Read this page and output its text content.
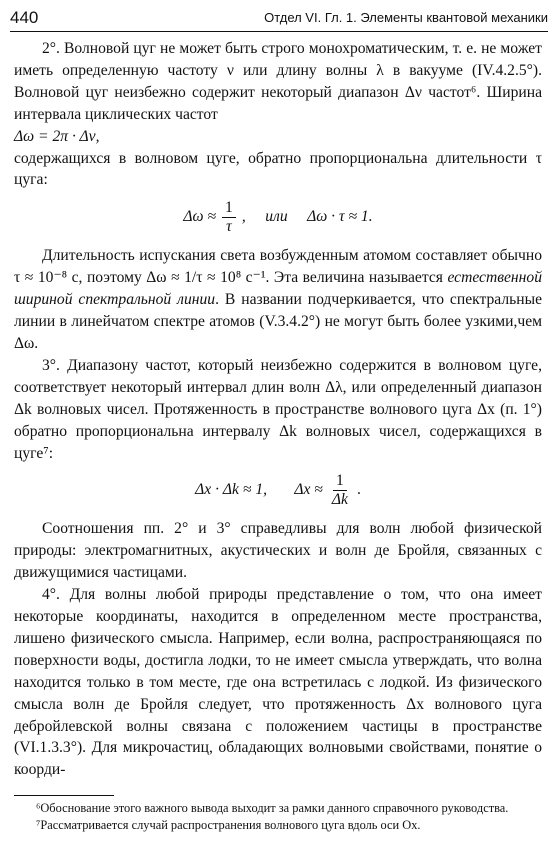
440	Отдел VI. Гл. 1. Элементы квантовой механики

2°. Волновой цуг не может быть строго монохроматическим, т. е. не может иметь определенную частоту ν или длину волны λ в вакууме (IV.4.2.5°). Волновой цуг неизбежно содержит некоторый диапазон Δν частот⁶. Ширина интервала циклических частот

Δω = 2π · Δν,

содержащихся в волновом цуге, обратно пропорциональна длительности τ цуга:

$\Delta\omega \approx \frac{1}{\tau}$ ,     или     Δω · τ ≈ 1.

Длительность испускания света возбужденным атомом составляет обычно τ ≈ 10⁻⁸ с, поэтому Δω ≈ 1/τ ≈ 10⁸ с⁻¹. Эта величина называется естественной шириной спектральной линии. В названии подчеркивается, что спектральные линии в линейчатом спектре атомов (V.3.4.2°) не могут быть более узкими,чем Δω.

3°. Диапазону частот, который неизбежно содержится в волновом цуге, соответствует некоторый интервал длин волн Δλ, или определенный диапазон Δk волновых чисел. Протяженность в пространстве волнового цуга Δx (п. 1°) обратно пропорциональна интервалу Δk волновых чисел, содержащихся в цуге⁷:

Δx · Δk ≈ 1,       $\Delta x \approx \frac{1}{\Delta k}$ .

Соотношения пп. 2° и 3° справедливы для волн любой физической природы: электромагнитных, акустических и волн де Бройля, связанных с движущимися частицами.

4°. Для волны любой природы представление о том, что она имеет некоторые координаты, находится в определенном месте пространства, лишено физического смысла. Например, если волна, распространяющаяся по поверхности воды, достигла лодки, то не имеет смысла утверждать, что волна находится только в том месте, где она встретилась с лодкой. Из физического смысла волн де Бройля следует, что протяженность Δx волнового цуга дебройлевской волны связана с положением частицы в пространстве (VI.1.3.3°). Для микрочастиц, обладающих волновыми свойствами, понятие о коорди-

⁶Обоснование этого важного вывода выходит за рамки данного справочного руководства.

⁷Рассматривается случай распространения волнового цуга вдоль оси Ox.
